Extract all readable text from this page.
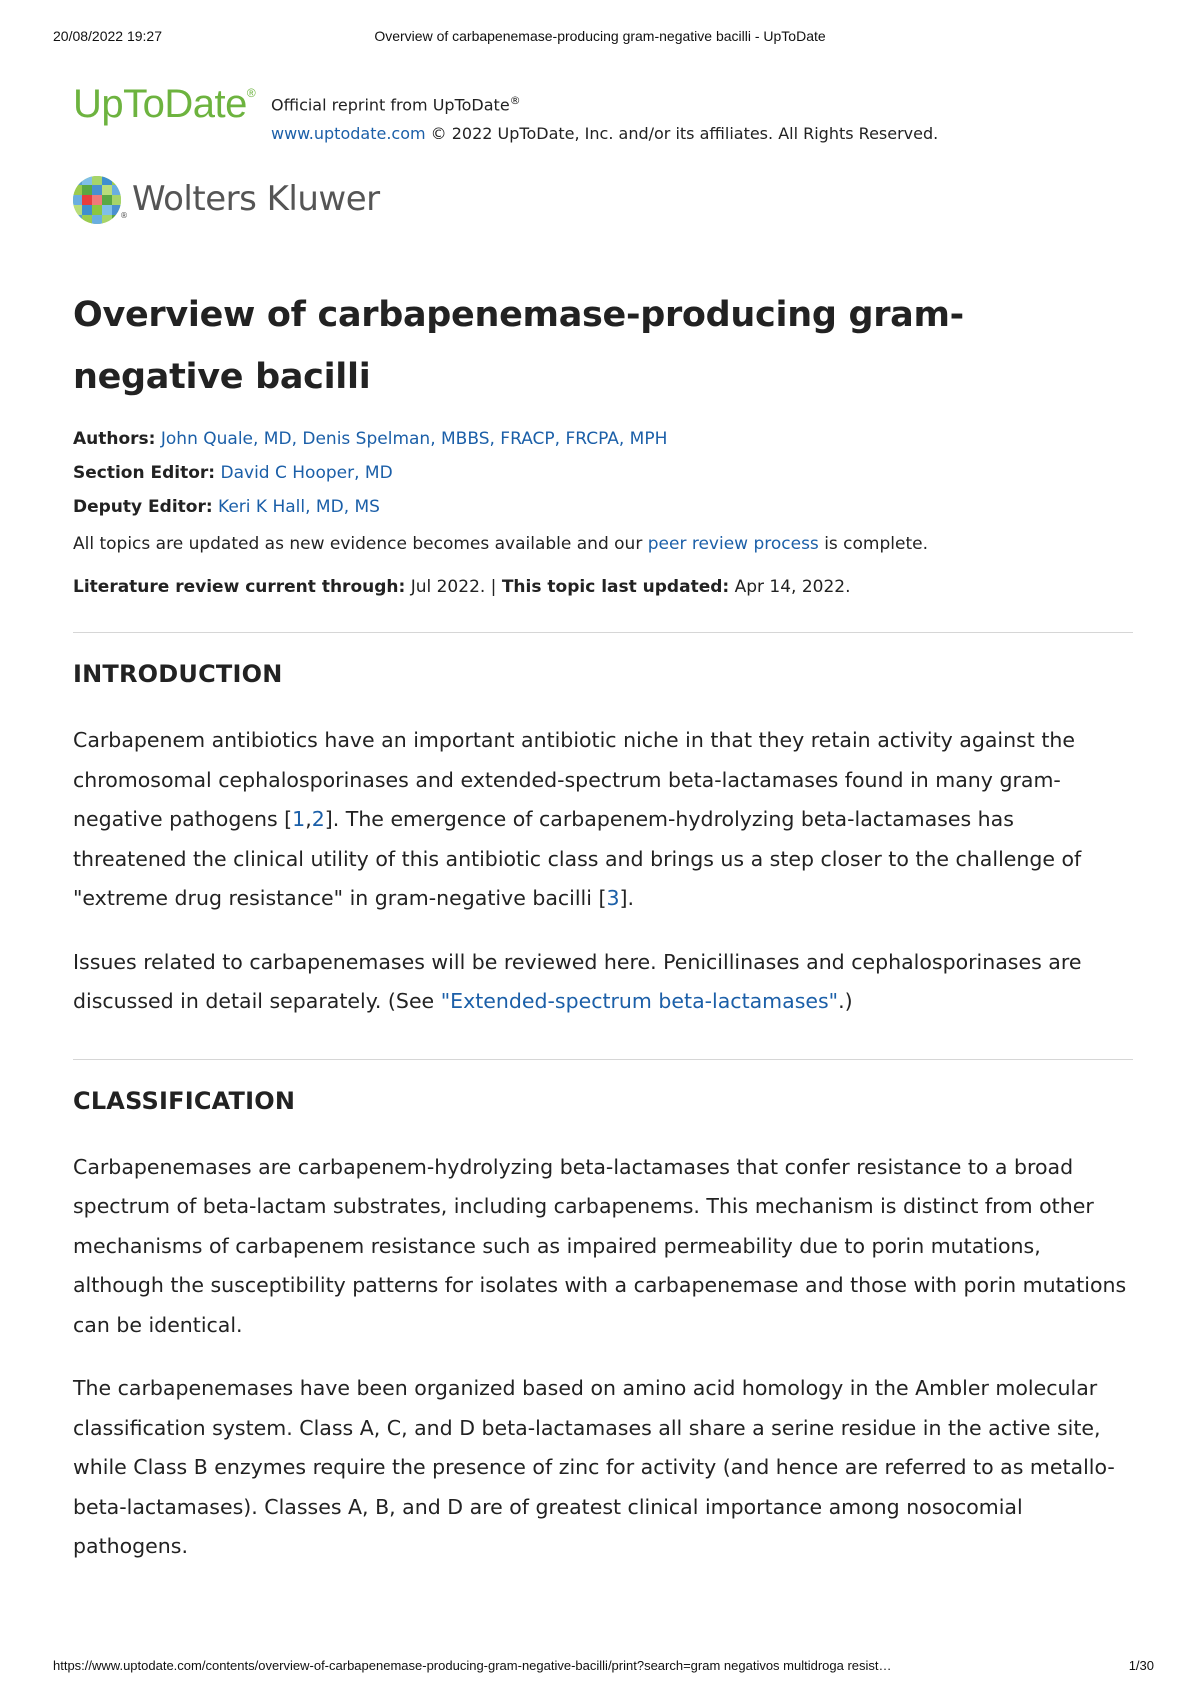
20/08/2022 19:27	Overview of carbapenemase-producing gram-negative bacilli - UpToDate
UpToDate®
Official reprint from UpToDate®
www.uptodate.com © 2022 UpToDate, Inc. and/or its affiliates. All Rights Reserved.
® Wolters Kluwer
Overview of carbapenemase-producing gram-negative bacilli
Authors: John Quale, MD, Denis Spelman, MBBS, FRACP, FRCPA, MPH
Section Editor: David C Hooper, MD
Deputy Editor: Keri K Hall, MD, MS
All topics are updated as new evidence becomes available and our peer review process is complete.
Literature review current through: Jul 2022. | This topic last updated: Apr 14, 2022.
INTRODUCTION

Carbapenem antibiotics have an important antibiotic niche in that they retain activity against the chromosomal cephalosporinases and extended-spectrum beta-lactamases found in many gram-negative pathogens [1,2]. The emergence of carbapenem-hydrolyzing beta-lactamases has threatened the clinical utility of this antibiotic class and brings us a step closer to the challenge of "extreme drug resistance" in gram-negative bacilli [3].

Issues related to carbapenemases will be reviewed here. Penicillinases and cephalosporinases are discussed in detail separately. (See "Extended-spectrum beta-lactamases".)

CLASSIFICATION

Carbapenemases are carbapenem-hydrolyzing beta-lactamases that confer resistance to a broad spectrum of beta-lactam substrates, including carbapenems. This mechanism is distinct from other mechanisms of carbapenem resistance such as impaired permeability due to porin mutations, although the susceptibility patterns for isolates with a carbapenemase and those with porin mutations can be identical.

The carbapenemases have been organized based on amino acid homology in the Ambler molecular classification system. Class A, C, and D beta-lactamases all share a serine residue in the active site, while Class B enzymes require the presence of zinc for activity (and hence are referred to as metallo-beta-lactamases). Classes A, B, and D are of greatest clinical importance among nosocomial pathogens.

https://www.uptodate.com/contents/overview-of-carbapenemase-producing-gram-negative-bacilli/print?search=gram negativos multidroga resist…	1/30
